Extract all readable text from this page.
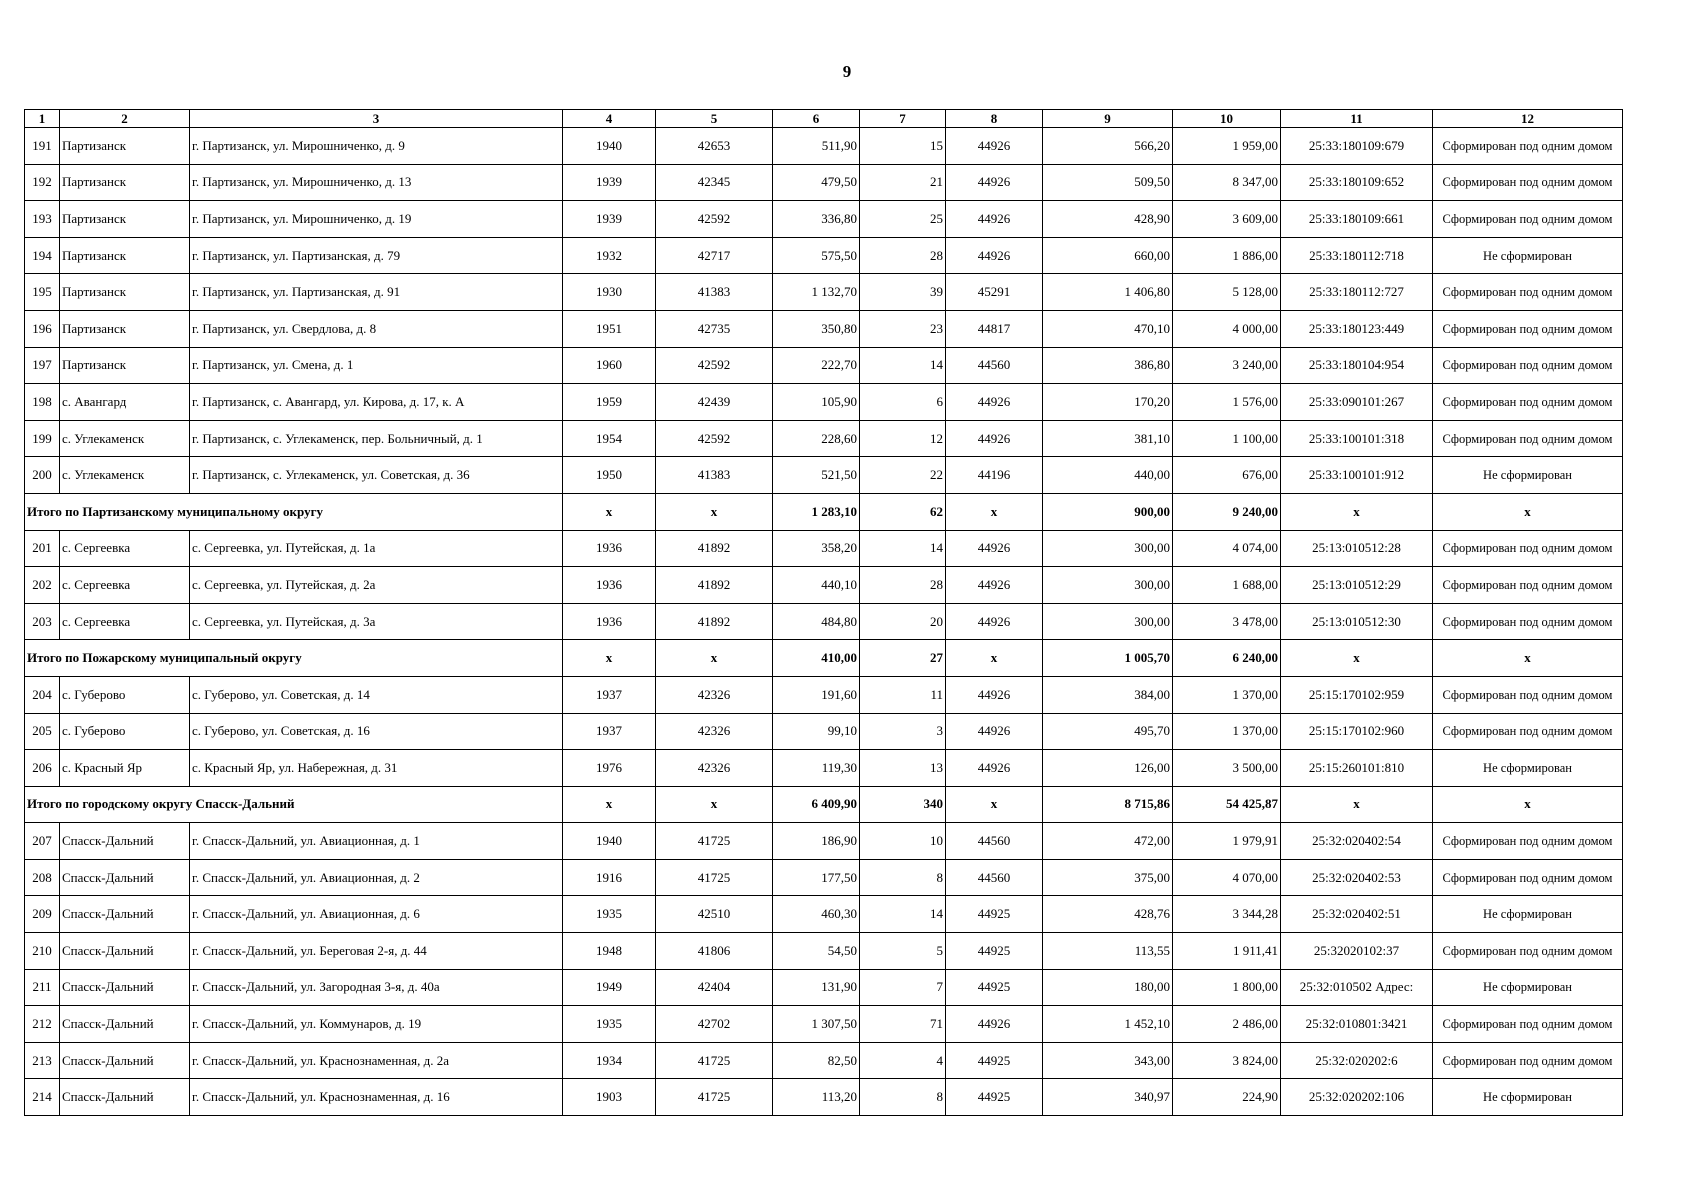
9
1	2	3	4	5	6	7	8	9	10	11	12
191	Партизанск	г. Партизанск, ул. Мирошниченко, д. 9	1940	42653	511,90	15	44926	566,20	1 959,00	25:33:180109:679	Сформирован под одним домом
192	Партизанск	г. Партизанск, ул. Мирошниченко, д. 13	1939	42345	479,50	21	44926	509,50	8 347,00	25:33:180109:652	Сформирован под одним домом
193	Партизанск	г. Партизанск, ул. Мирошниченко, д. 19	1939	42592	336,80	25	44926	428,90	3 609,00	25:33:180109:661	Сформирован под одним домом
194	Партизанск	г. Партизанск, ул. Партизанская, д. 79	1932	42717	575,50	28	44926	660,00	1 886,00	25:33:180112:718	Не сформирован
195	Партизанск	г. Партизанск, ул. Партизанская, д. 91	1930	41383	1 132,70	39	45291	1 406,80	5 128,00	25:33:180112:727	Сформирован под одним домом
196	Партизанск	г. Партизанск, ул. Свердлова, д. 8	1951	42735	350,80	23	44817	470,10	4 000,00	25:33:180123:449	Сформирован под одним домом
197	Партизанск	г. Партизанск, ул. Смена, д. 1	1960	42592	222,70	14	44560	386,80	3 240,00	25:33:180104:954	Сформирован под одним домом
198	с. Авангард	г. Партизанск, с. Авангард, ул. Кирова, д. 17, к. А	1959	42439	105,90	6	44926	170,20	1 576,00	25:33:090101:267	Сформирован под одним домом
199	с. Углекаменск	г. Партизанск, с. Углекаменск, пер. Больничный, д. 1	1954	42592	228,60	12	44926	381,10	1 100,00	25:33:100101:318	Сформирован под одним домом
200	с. Углекаменск	г. Партизанск, с. Углекаменск, ул. Советская, д. 36	1950	41383	521,50	22	44196	440,00	676,00	25:33:100101:912	Не сформирован
Итого по Партизанскому муниципальному округу			x	x	1 283,10	62	x	900,00	9 240,00	x	x
201	с. Сергеевка	с. Сергеевка, ул. Путейская, д. 1а	1936	41892	358,20	14	44926	300,00	4 074,00	25:13:010512:28	Сформирован под одним домом
202	с. Сергеевка	с. Сергеевка, ул. Путейская, д. 2а	1936	41892	440,10	28	44926	300,00	1 688,00	25:13:010512:29	Сформирован под одним домом
203	с. Сергеевка	с. Сергеевка, ул. Путейская, д. 3а	1936	41892	484,80	20	44926	300,00	3 478,00	25:13:010512:30	Сформирован под одним домом
Итого по Пожарскому муниципальный округу			x	x	410,00	27	x	1 005,70	6 240,00	x	x
204	с. Губерово	с. Губерово, ул. Советская, д. 14	1937	42326	191,60	11	44926	384,00	1 370,00	25:15:170102:959	Сформирован под одним домом
205	с. Губерово	с. Губерово, ул. Советская, д. 16	1937	42326	99,10	3	44926	495,70	1 370,00	25:15:170102:960	Сформирован под одним домом
206	с. Красный Яр	с. Красный Яр, ул. Набережная, д. 31	1976	42326	119,30	13	44926	126,00	3 500,00	25:15:260101:810	Не сформирован
Итого по городскому округу Спасск-Дальний			x	x	6 409,90	340	x	8 715,86	54 425,87	x	x
207	Спасск-Дальний	г. Спасск-Дальний, ул. Авиационная, д. 1	1940	41725	186,90	10	44560	472,00	1 979,91	25:32:020402:54	Сформирован под одним домом
208	Спасск-Дальний	г. Спасск-Дальний, ул. Авиационная, д. 2	1916	41725	177,50	8	44560	375,00	4 070,00	25:32:020402:53	Сформирован под одним домом
209	Спасск-Дальний	г. Спасск-Дальний, ул. Авиационная, д. 6	1935	42510	460,30	14	44925	428,76	3 344,28	25:32:020402:51	Не сформирован
210	Спасск-Дальний	г. Спасск-Дальний, ул. Береговая 2-я, д. 44	1948	41806	54,50	5	44925	113,55	1 911,41	25:32020102:37	Сформирован под одним домом
211	Спасск-Дальний	г. Спасск-Дальний, ул. Загородная 3-я, д. 40а	1949	42404	131,90	7	44925	180,00	1 800,00	25:32:010502 Адрес:	Не сформирован
212	Спасск-Дальний	г. Спасск-Дальний, ул. Коммунаров, д. 19	1935	42702	1 307,50	71	44926	1 452,10	2 486,00	25:32:010801:3421	Сформирован под одним домом
213	Спасск-Дальний	г. Спасск-Дальний, ул. Краснознаменная, д. 2а	1934	41725	82,50	4	44925	343,00	3 824,00	25:32:020202:6	Сформирован под одним домом
214	Спасск-Дальний	г. Спасск-Дальний, ул. Краснознаменная, д. 16	1903	41725	113,20	8	44925	340,97	224,90	25:32:020202:106	Не сформирован
